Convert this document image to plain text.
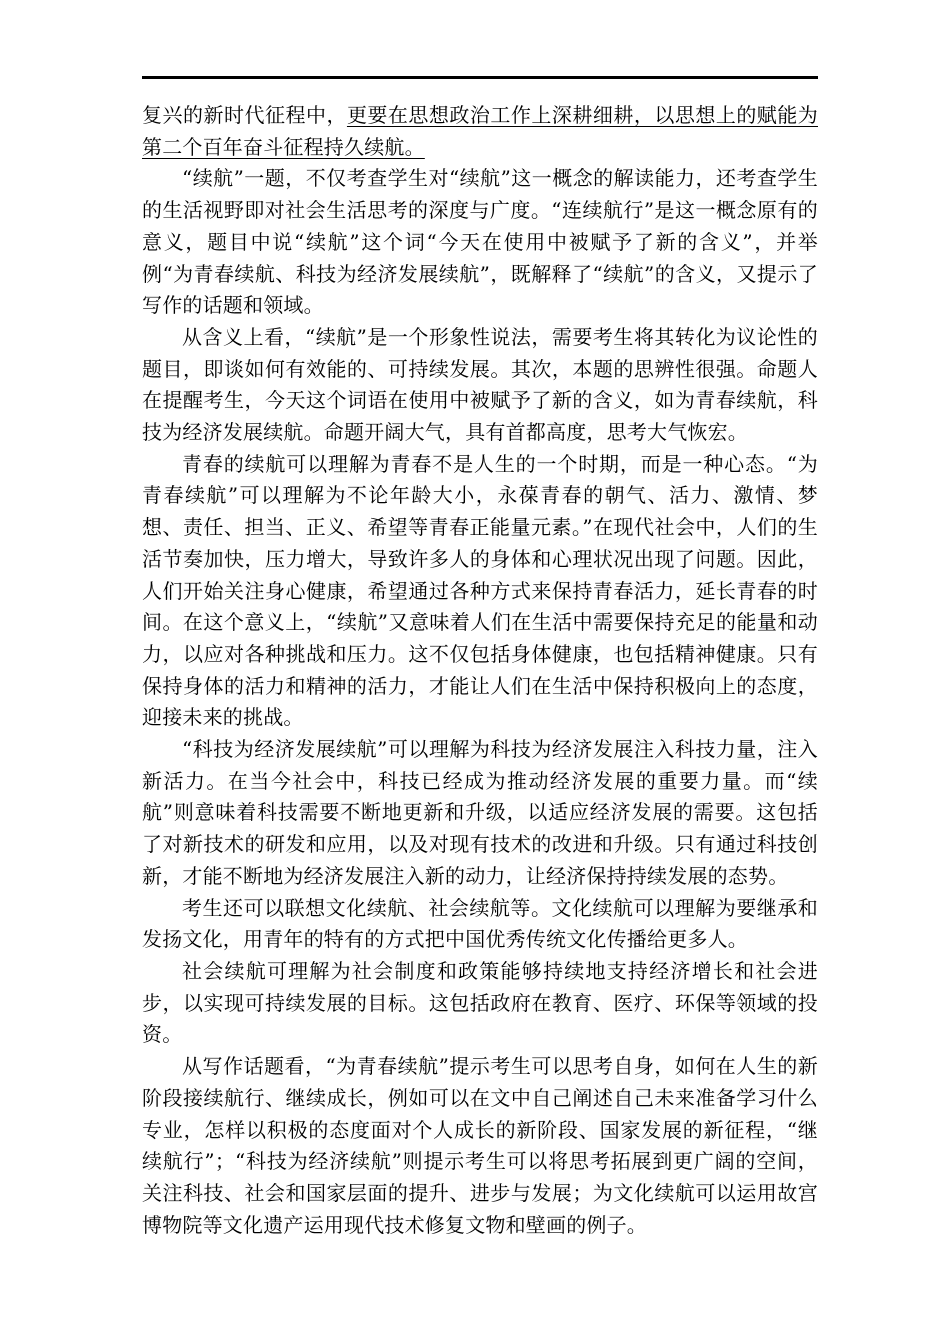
复兴的新时代征程中，更要在思想政治工作上深耕细耕，以思想上的赋能为第二个百年奋斗征程持久续航。

“续航”一题，不仅考查学生对“续航”这一概念的解读能力，还考查学生的生活视野即对社会生活思考的深度与广度。“连续航行”是这一概念原有的意义，题目中说“续航”这个词“今天在使用中被赋予了新的含义”，并举例“为青春续航、科技为经济发展续航”，既解释了“续航”的含义，又提示了写作的话题和领域。

从含义上看，“续航”是一个形象性说法，需要考生将其转化为议论性的题目，即谈如何有效能的、可持续发展。其次，本题的思辨性很强。命题人在提醒考生，今天这个词语在使用中被赋予了新的含义，如为青春续航，科技为经济发展续航。命题开阔大气，具有首都高度，思考大气恢宏。

青春的续航可以理解为青春不是人生的一个时期，而是一种心态。“为青春续航”可以理解为不论年龄大小，永葆青春的朝气、活力、激情、梦想、责任、担当、正义、希望等青春正能量元素。”在现代社会中，人们的生活节奏加快，压力增大，导致许多人的身体和心理状况出现了问题。因此，人们开始关注身心健康，希望通过各种方式来保持青春活力，延长青春的时间。在这个意义上，“续航”又意味着人们在生活中需要保持充足的能量和动力，以应对各种挑战和压力。这不仅包括身体健康，也包括精神健康。只有保持身体的活力和精神的活力，才能让人们在生活中保持积极向上的态度，迎接未来的挑战。

“科技为经济发展续航”可以理解为科技为经济发展注入科技力量，注入新活力。在当今社会中，科技已经成为推动经济发展的重要力量。而“续航”则意味着科技需要不断地更新和升级，以适应经济发展的需要。这包括了对新技术的研发和应用，以及对现有技术的改进和升级。只有通过科技创新，才能不断地为经济发展注入新的动力，让经济保持持续发展的态势。

考生还可以联想文化续航、社会续航等。文化续航可以理解为要继承和发扬文化，用青年的特有的方式把中国优秀传统文化传播给更多人。

社会续航可理解为社会制度和政策能够持续地支持经济增长和社会进步，以实现可持续发展的目标。这包括政府在教育、医疗、环保等领域的投资。

从写作话题看，“为青春续航”提示考生可以思考自身，如何在人生的新阶段接续航行、继续成长，例如可以在文中自己阐述自己未来准备学习什么专业，怎样以积极的态度面对个人成长的新阶段、国家发展的新征程，“继续航行”；“科技为经济续航”则提示考生可以将思考拓展到更广阔的空间，关注科技、社会和国家层面的提升、进步与发展；为文化续航可以运用故宫博物院等文化遗产运用现代技术修复文物和壁画的例子。
